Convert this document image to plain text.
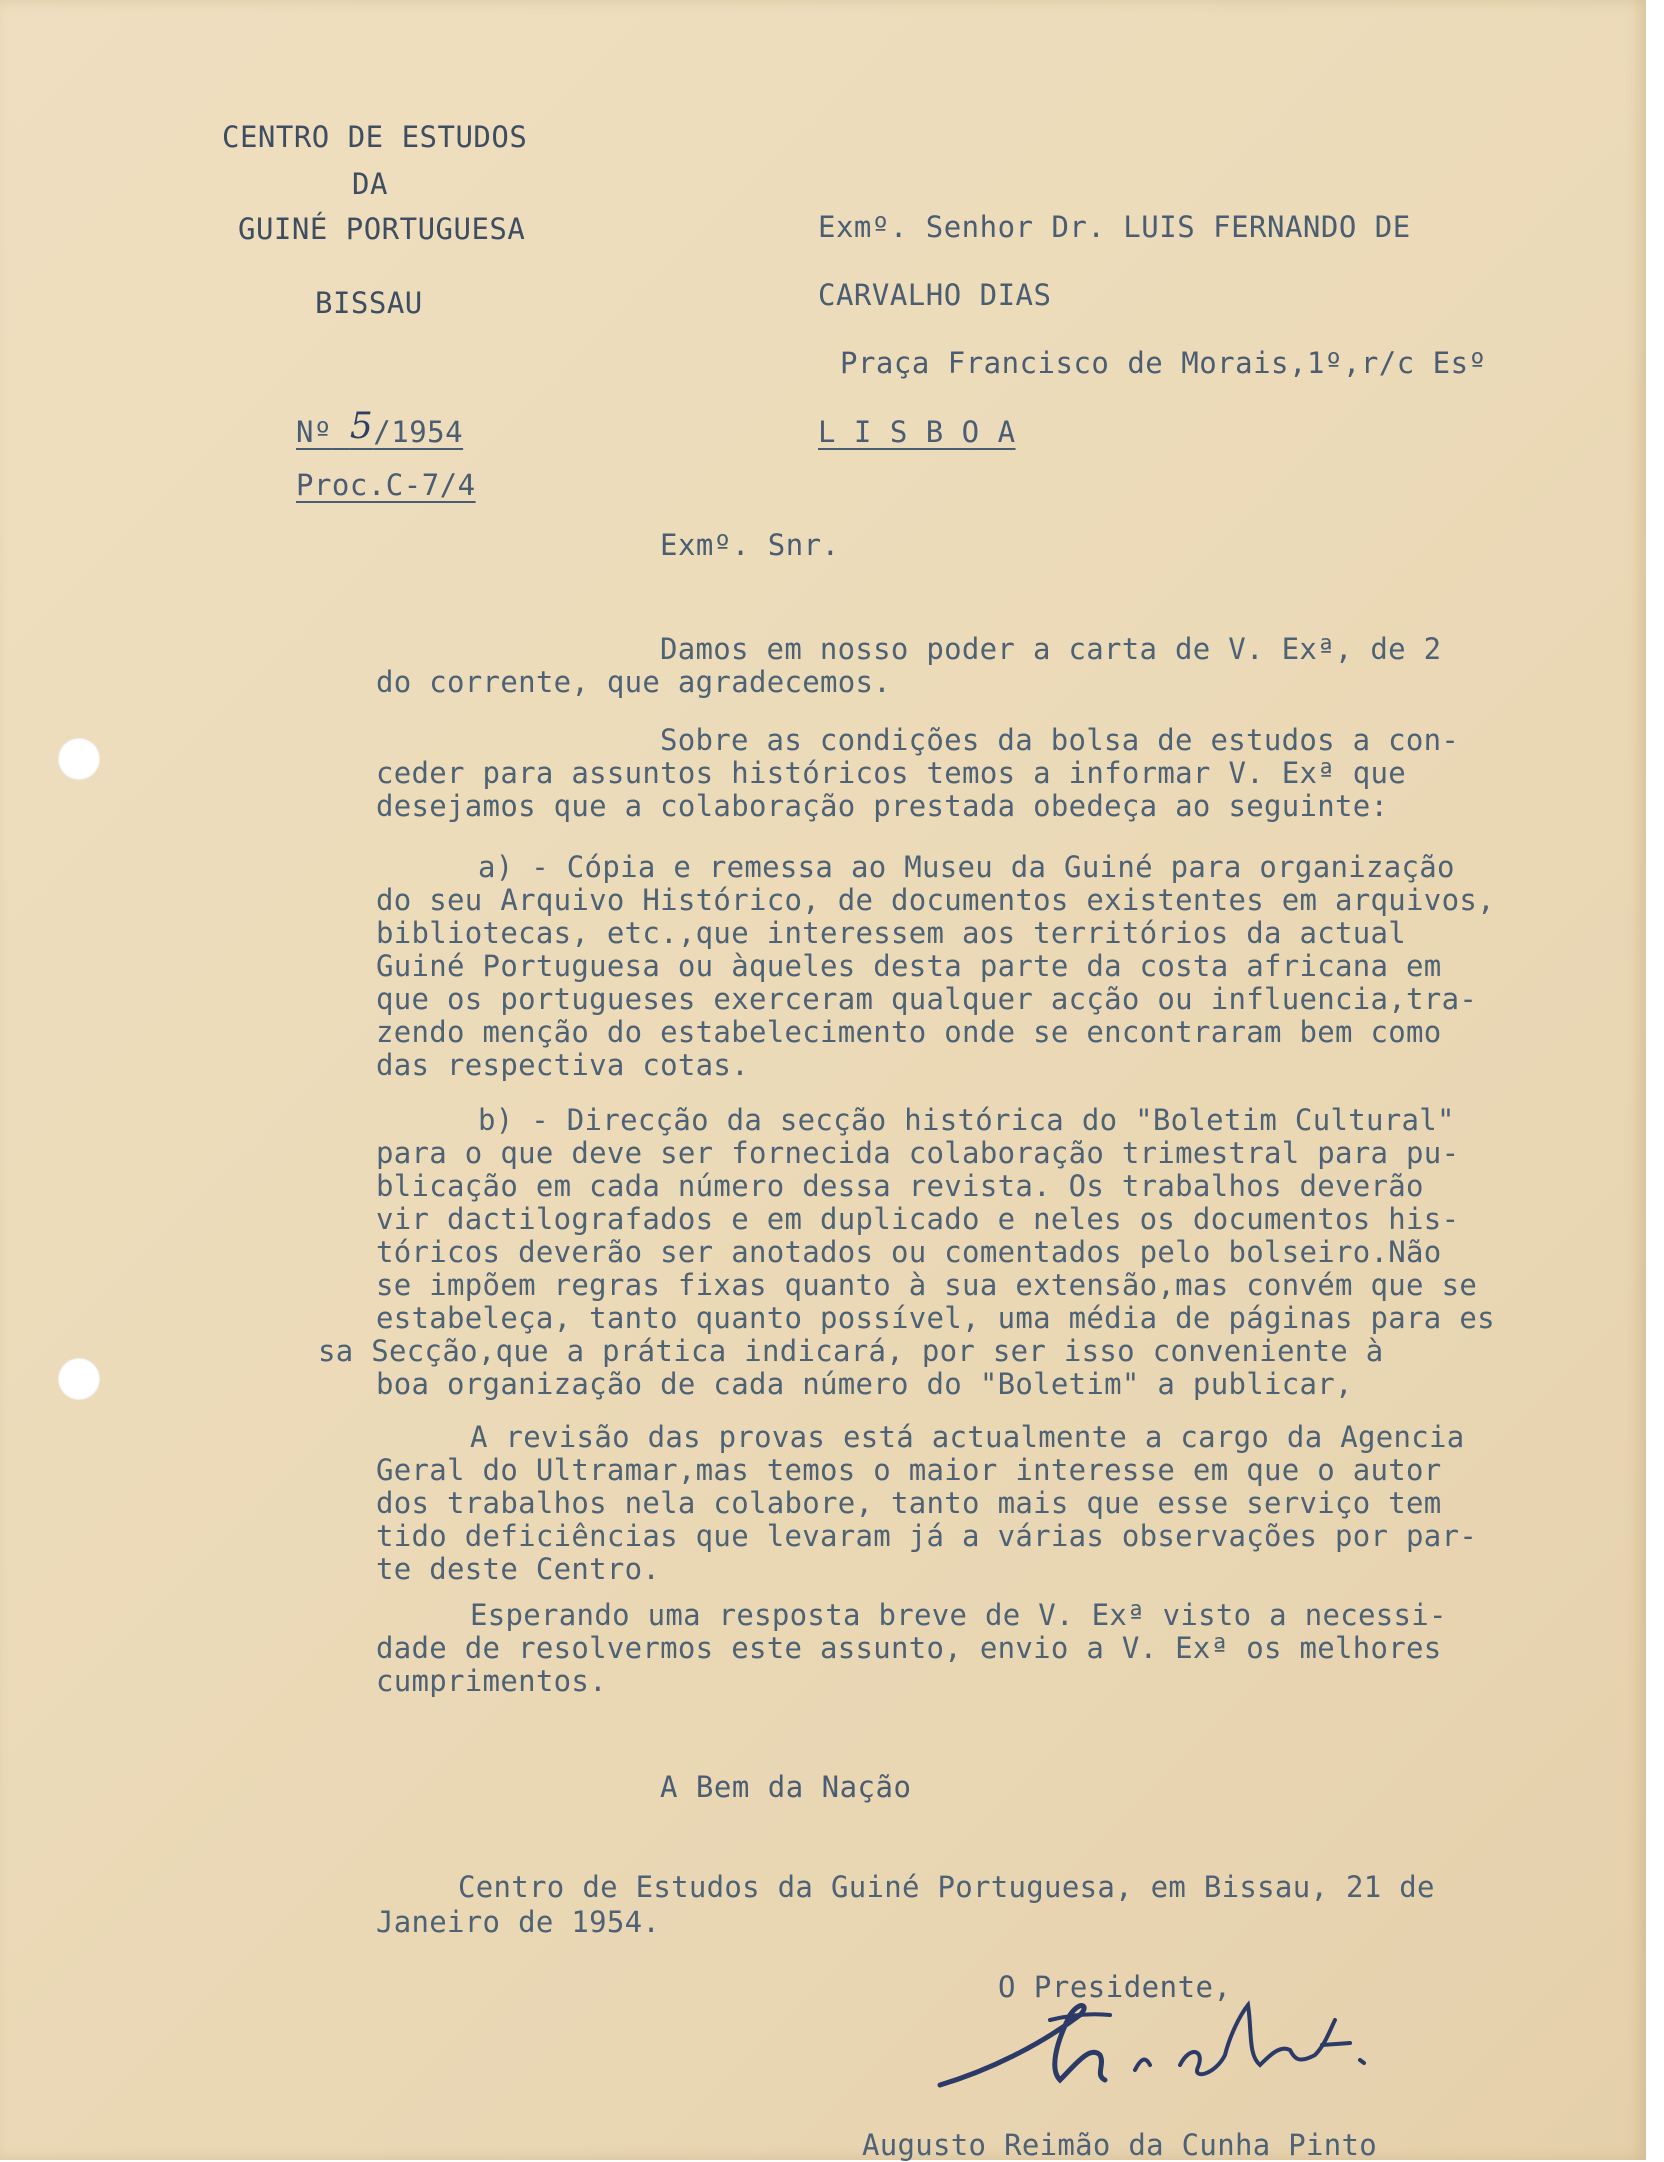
CENTRO DE ESTUDOS
DA
GUINÉ PORTUGUESA
BISSAU
Nº 5/1954
Proc.C-7/4
Exmº. Senhor Dr. LUIS FERNANDO DE
CARVALHO DIAS
Praça Francisco de Morais,1º,r/c Esº
L I S B O A
Exmº. Snr.
Damos em nosso poder a carta de V. Exª, de 2
do corrente, que agradecemos.
Sobre as condições da bolsa de estudos a con-
ceder para assuntos históricos temos a informar V. Exª que
desejamos que a colaboração prestada obedeça ao seguinte:
a) - Cópia e remessa ao Museu da Guiné para organização
do seu Arquivo Histórico, de documentos existentes em arquivos,
bibliotecas, etc.,que interessem aos territórios da actual
Guiné Portuguesa ou àqueles desta parte da costa africana em
que os portugueses exerceram qualquer acção ou influencia,tra-
zendo menção do estabelecimento onde se encontraram bem como
das respectiva cotas.
b) - Direcção da secção histórica do "Boletim Cultural"
para o que deve ser fornecida colaboração trimestral para pu-
blicação em cada número dessa revista. Os trabalhos deverão
vir dactilografados e em duplicado e neles os documentos his-
tóricos deverão ser anotados ou comentados pelo bolseiro.Não
se impõem regras fixas quanto à sua extensão,mas convém que se
estabeleça, tanto quanto possível, uma média de páginas para es
sa Secção,que a prática indicará, por ser isso conveniente à
boa organização de cada número do "Boletim" a publicar,
A revisão das provas está actualmente a cargo da Agencia
Geral do Ultramar,mas temos o maior interesse em que o autor
dos trabalhos nela colabore, tanto mais que esse serviço tem
tido deficiências que levaram já a várias observações por par-
te deste Centro.
Esperando uma resposta breve de V. Exª visto a necessi-
dade de resolvermos este assunto, envio a V. Exª os melhores
cumprimentos.
A Bem da Nação
Centro de Estudos da Guiné Portuguesa, em Bissau, 21 de
Janeiro de 1954.
O Presidente,
Augusto Reimão da Cunha Pinto
